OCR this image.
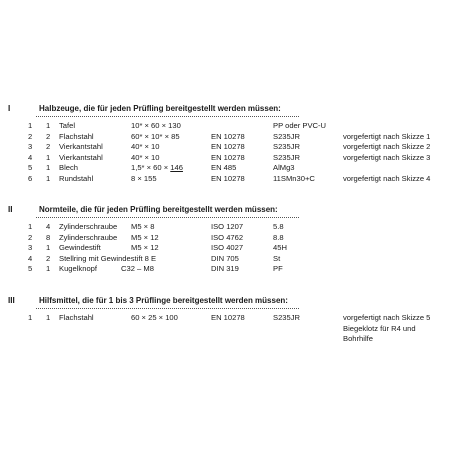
I	Halbzeuge, die für jeden Prüfling bereitgestellt werden müssen:
1 1 Tafel	10* × 60 × 130	PP oder PVC-U
2 2 Flachstahl	60* × 10* × 85	EN 10278	S235JR	vorgefertigt nach Skizze 1
3 2 Vierkantstahl	40* × 10	EN 10278	S235JR	vorgefertigt nach Skizze 2
4 1 Vierkantstahl	40* × 10	EN 10278	S235JR	vorgefertigt nach Skizze 3
5 1 Blech	1,5* × 60 × 146	EN 485	AlMg3
6 1 Rundstahl	8 × 155	EN 10278	11SMn30+C	vorgefertigt nach Skizze 4
II	Normteile, die für jeden Prüfling bereitgestellt werden müssen:
1 4 Zylinderschraube M5 × 8	ISO 1207	5.8
2 8 Zylinderschraube M5 × 12	ISO 4762	8.8
3 1 Gewindestift	M5 × 12	ISO 4027	45H
4 2 Stellring mit Gewindestift 8 E	DIN 705	St
5 1 Kugelknopf	C32 – M8	DIN 319	PF
III	Hilfsmittel, die für 1 bis 3 Prüflinge bereitgestellt werden müssen:
1 1 Flachstahl	60 × 25 × 100	EN 10278	S235JR	vorgefertigt nach Skizze 5 Biegeklotz für R4 und Bohrhilfe
